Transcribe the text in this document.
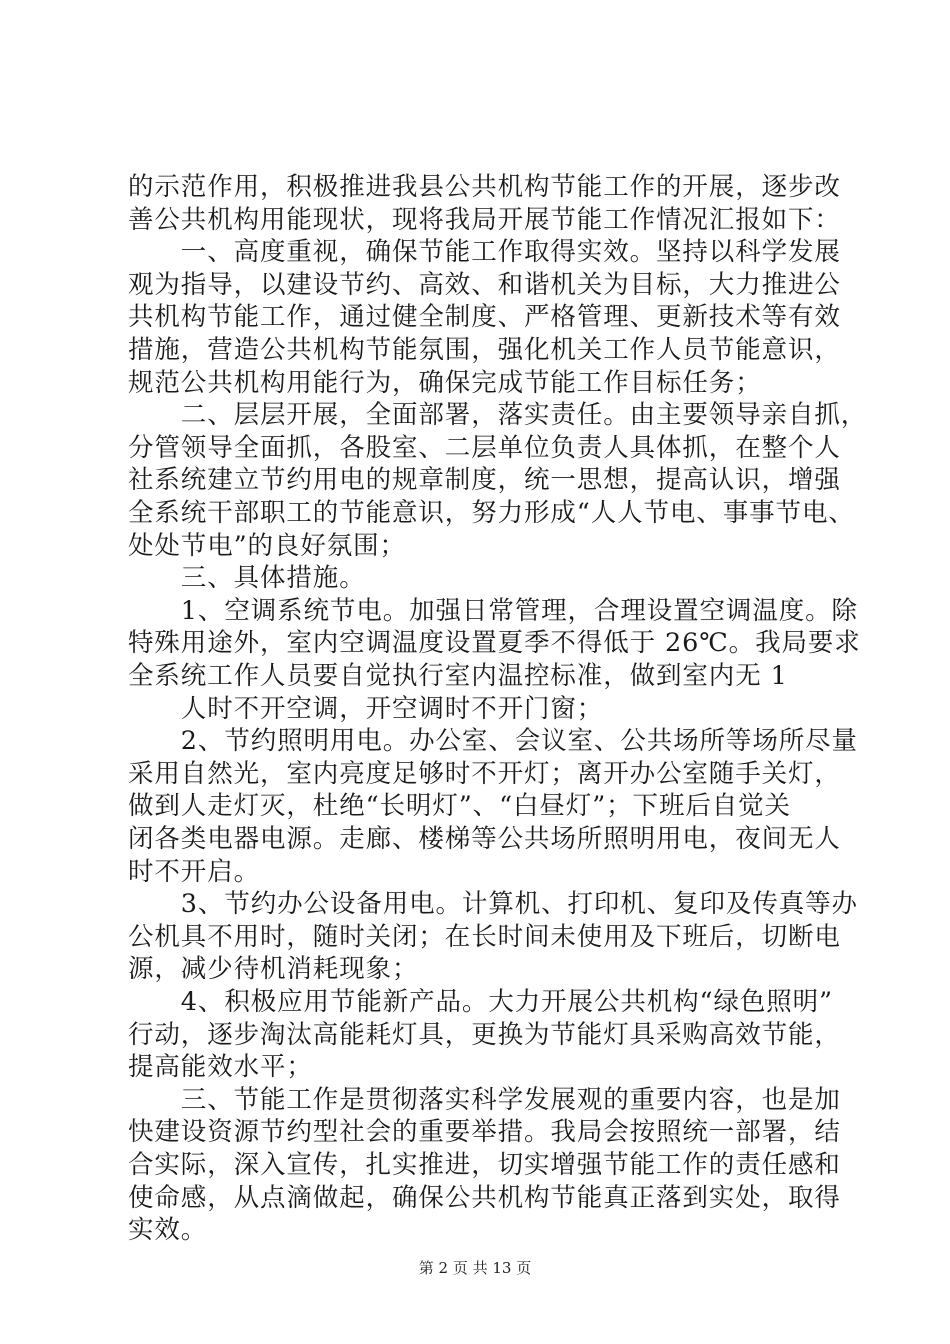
的示范作用，积极推进我县公共机构节能工作的开展，逐步改
善公共机构用能现状，现将我局开展节能工作情况汇报如下：
　　一、高度重视，确保节能工作取得实效。坚持以科学发展
观为指导，以建设节约、高效、和谐机关为目标，大力推进公
共机构节能工作，通过健全制度、严格管理、更新技术等有效
措施，营造公共机构节能氛围，强化机关工作人员节能意识，
规范公共机构用能行为，确保完成节能工作目标任务；
　　二、层层开展，全面部署，落实责任。由主要领导亲自抓，
分管领导全面抓，各股室、二层单位负责人具体抓，在整个人
社系统建立节约用电的规章制度，统一思想，提高认识，增强
全系统干部职工的节能意识，努力形成“人人节电、事事节电、
处处节电”的良好氛围；
　　三、具体措施。
　　1、空调系统节电。加强日常管理，合理设置空调温度。除
特殊用途外，室内空调温度设置夏季不得低于 26℃。我局要求
全系统工作人员要自觉执行室内温控标准，做到室内无 1
　　人时不开空调，开空调时不开门窗；
　　2、节约照明用电。办公室、会议室、公共场所等场所尽量
采用自然光，室内亮度足够时不开灯；离开办公室随手关灯，
做到人走灯灭，杜绝“长明灯”、“白昼灯”；下班后自觉关
闭各类电器电源。走廊、楼梯等公共场所照明用电，夜间无人
时不开启。
　　3、节约办公设备用电。计算机、打印机、复印及传真等办
公机具不用时，随时关闭；在长时间未使用及下班后，切断电
源，减少待机消耗现象；
　　4、积极应用节能新产品。大力开展公共机构“绿色照明”
行动，逐步淘汰高能耗灯具，更换为节能灯具采购高效节能，
提高能效水平；
　　三、节能工作是贯彻落实科学发展观的重要内容，也是加
快建设资源节约型社会的重要举措。我局会按照统一部署，结
合实际，深入宣传，扎实推进，切实增强节能工作的责任感和
使命感，从点滴做起，确保公共机构节能真正落到实处，取得
实效。
第 2 页 共 13 页
